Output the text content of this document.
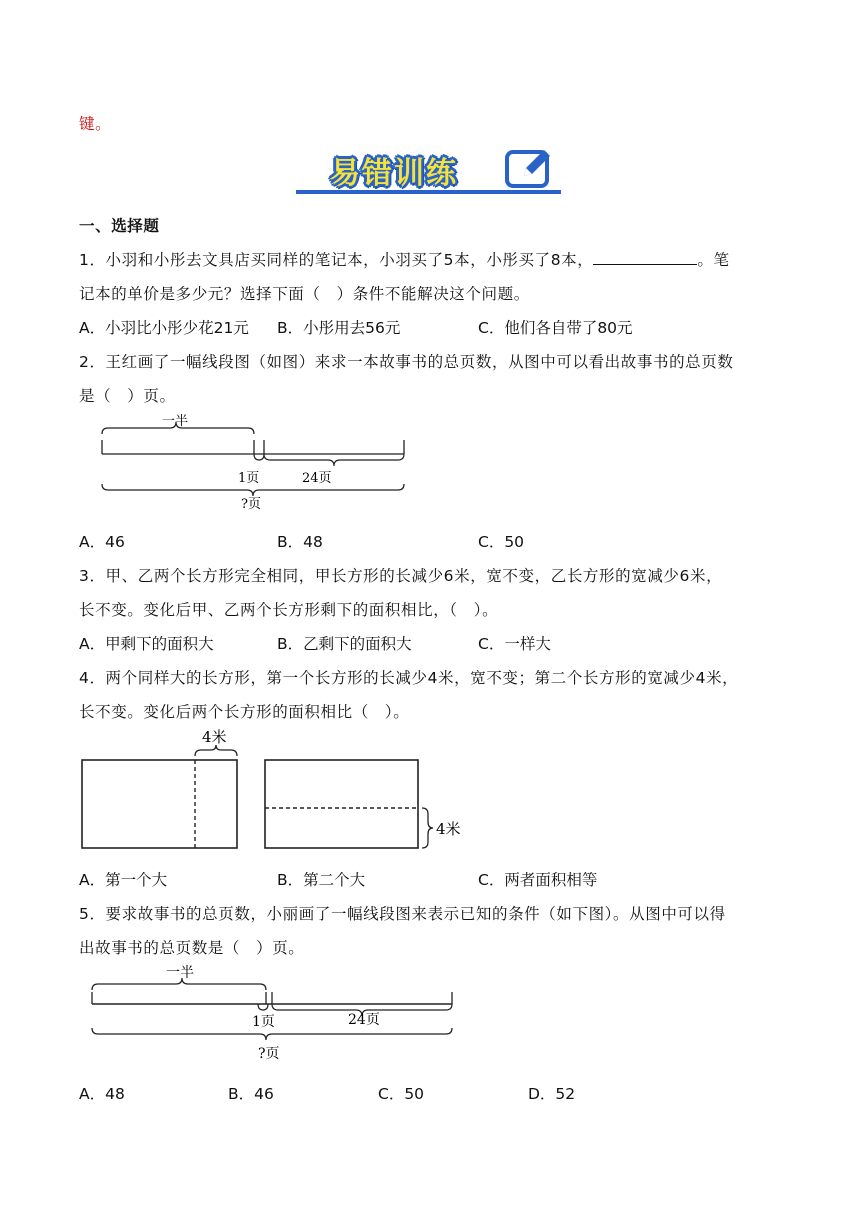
键。
易错训练
一、选择题
1．小羽和小彤去文具店买同样的笔记本，小羽买了5本，小彤买了8本，	。笔
记本的单价是多少元？选择下面（　）条件不能解决这个问题。
A．小羽比小彤少花21元 B．小彤用去56元	C．他们各自带了80元
2．王红画了一幅线段图（如图）来求一本故事书的总页数，从图中可以看出故事书的总页数
是（　）页。
一半
1页	24页
?页
A．46	B．48	C．50
3．甲、乙两个长方形完全相同，甲长方形的长减少6米，宽不变，乙长方形的宽减少6米，
长不变。变化后甲、乙两个长方形剩下的面积相比，（　）。
A．甲剩下的面积大	B．乙剩下的面积大	C．一样大
4．两个同样大的长方形，第一个长方形的长减少4米，宽不变；第二个长方形的宽减少4米，
长不变。变化后两个长方形的面积相比（　）。
4米
4米
A．第一个大	B．第二个大	C．两者面积相等
5．要求故事书的总页数，小丽画了一幅线段图来表示已知的条件（如下图）。从图中可以得
出故事书的总页数是（　）页。
一半
1页	24页
?页
A．48	B．46	C．50	D．52
